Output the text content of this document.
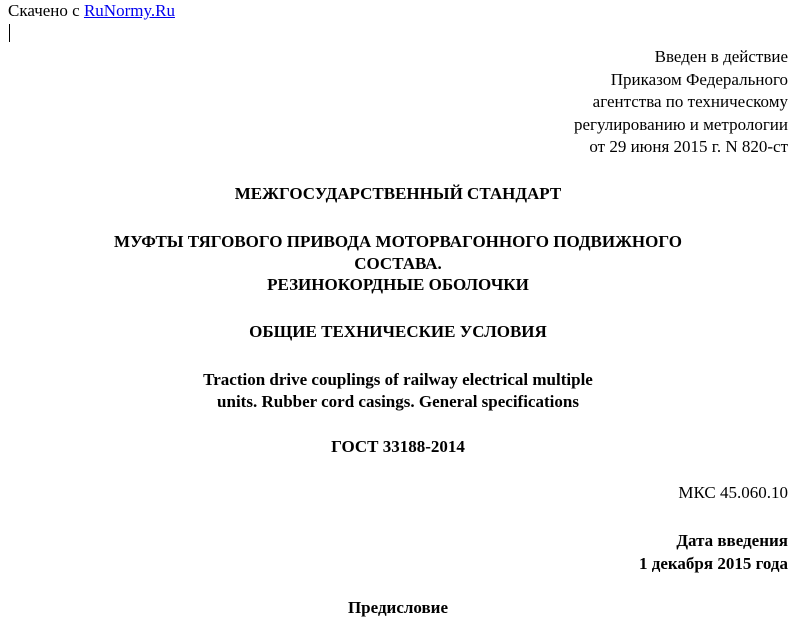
Скачено с RuNormy.Ru
Введен в действие
Приказом Федерального
агентства по техническому
регулированию и метрологии
от 29 июня 2015 г. N 820-ст
МЕЖГОСУДАРСТВЕННЫЙ СТАНДАРТ
МУФТЫ ТЯГОВОГО ПРИВОДА МОТОРВАГОННОГО ПОДВИЖНОГО
СОСТАВА.
РЕЗИНОКОРДНЫЕ ОБОЛОЧКИ
ОБЩИЕ ТЕХНИЧЕСКИЕ УСЛОВИЯ
Traction drive couplings of railway electrical multiple
units. Rubber cord casings. General specifications
ГОСТ 33188-2014
МКС 45.060.10
Дата введения
1 декабря 2015 года
Предисловие
